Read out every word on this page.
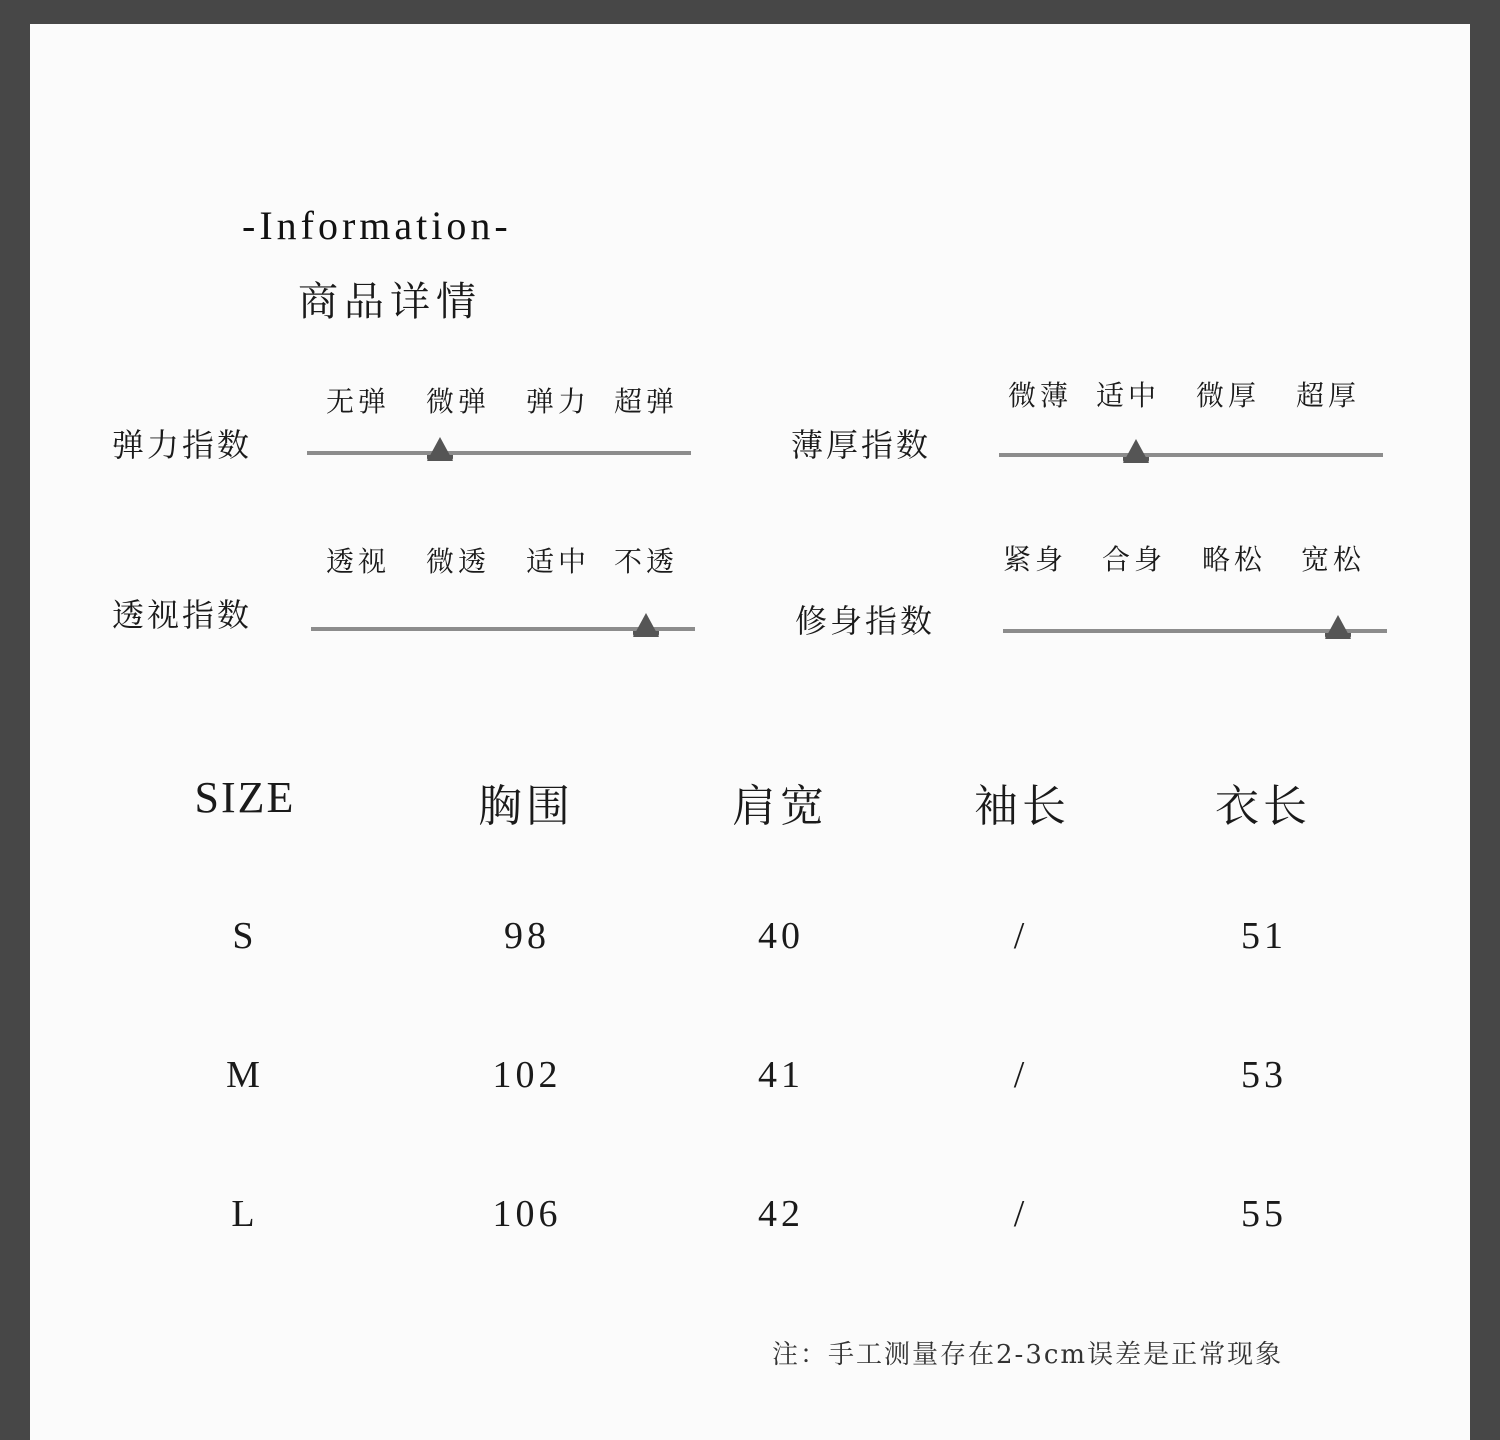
-Information-
商品详情
弹力指数
无弹 微弹 弹力 超弹
薄厚指数
微薄 适中 微厚 超厚
透视指数
透视 微透 适中 不透
修身指数
紧身 合身 略松 宽松
SIZE	胸围	肩宽	袖长	衣长
S	98	40	/	51
M	102	41	/	53
L	106	42	/	55
注：手工测量存在2-3cm误差是正常现象
